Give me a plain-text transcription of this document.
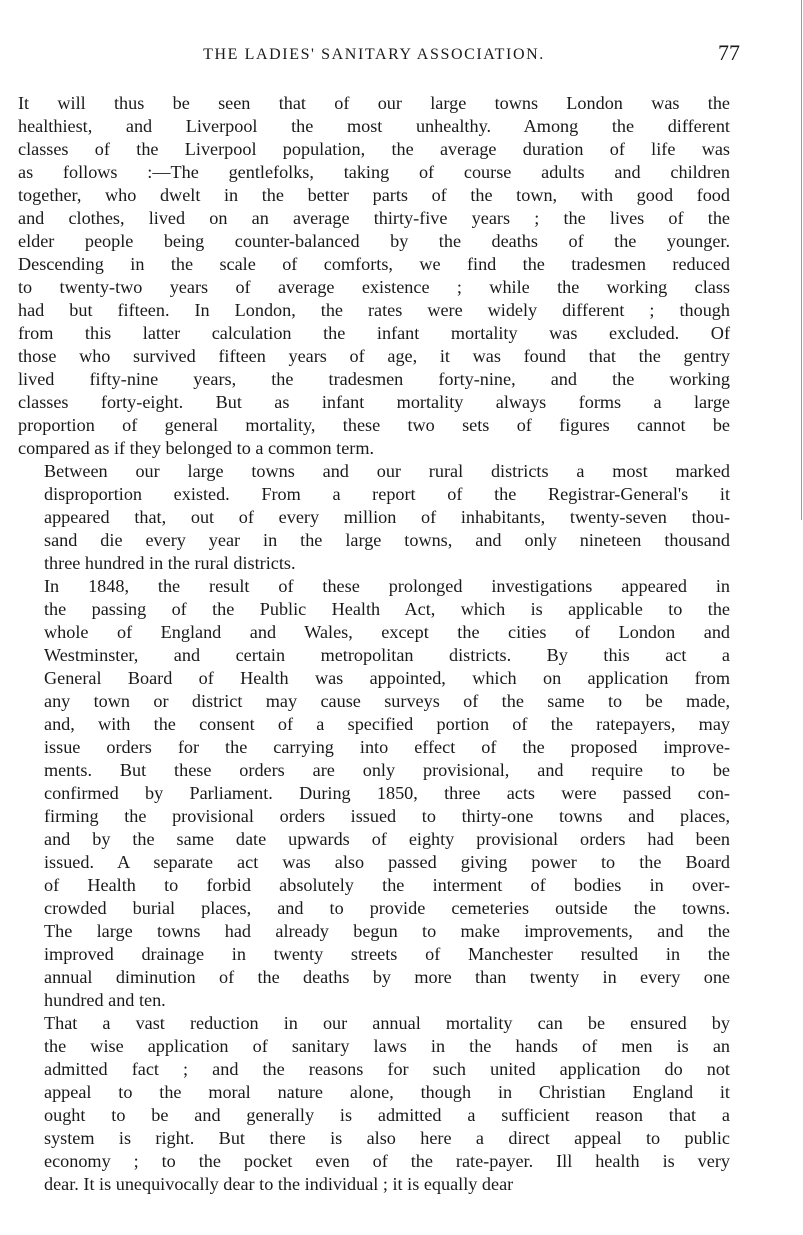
THE LADIES' SANITARY ASSOCIATION.	77

It will thus be seen that of our large towns London was the
healthiest, and Liverpool the most unhealthy. Among the different
classes of the Liverpool population, the average duration of life was
as follows :—The gentlefolks, taking of course adults and children
together, who dwelt in the better parts of the town, with good food
and clothes, lived on an average thirty-five years ; the lives of the
elder people being counter-balanced by the deaths of the younger.
Descending in the scale of comforts, we find the tradesmen reduced
to twenty-two years of average existence ; while the working class
had but fifteen. In London, the rates were widely different ; though
from this latter calculation the infant mortality was excluded. Of
those who survived fifteen years of age, it was found that the gentry
lived fifty-nine years, the tradesmen forty-nine, and the working
classes forty-eight. But as infant mortality always forms a large
proportion of general mortality, these two sets of figures cannot be
compared as if they belonged to a common term.

Between our large towns and our rural districts a most marked
disproportion existed. From a report of the Registrar-General's it
appeared that, out of every million of inhabitants, twenty-seven thou-
sand die every year in the large towns, and only nineteen thousand
three hundred in the rural districts.

In 1848, the result of these prolonged investigations appeared in
the passing of the Public Health Act, which is applicable to the
whole of England and Wales, except the cities of London and
Westminster, and certain metropolitan districts. By this act a
General Board of Health was appointed, which on application from
any town or district may cause surveys of the same to be made,
and, with the consent of a specified portion of the ratepayers, may
issue orders for the carrying into effect of the proposed improve-
ments. But these orders are only provisional, and require to be
confirmed by Parliament. During 1850, three acts were passed con-
firming the provisional orders issued to thirty-one towns and places,
and by the same date upwards of eighty provisional orders had been
issued. A separate act was also passed giving power to the Board
of Health to forbid absolutely the interment of bodies in over-
crowded burial places, and to provide cemeteries outside the towns.
The large towns had already begun to make improvements, and the
improved drainage in twenty streets of Manchester resulted in the
annual diminution of the deaths by more than twenty in every one
hundred and ten.

That a vast reduction in our annual mortality can be ensured by
the wise application of sanitary laws in the hands of men is an
admitted fact ; and the reasons for such united application do not
appeal to the moral nature alone, though in Christian England it
ought to be and generally is admitted a sufficient reason that a
system is right. But there is also here a direct appeal to public
economy ; to the pocket even of the rate-payer. Ill health is very
dear. It is unequivocally dear to the individual ; it is equally dear
